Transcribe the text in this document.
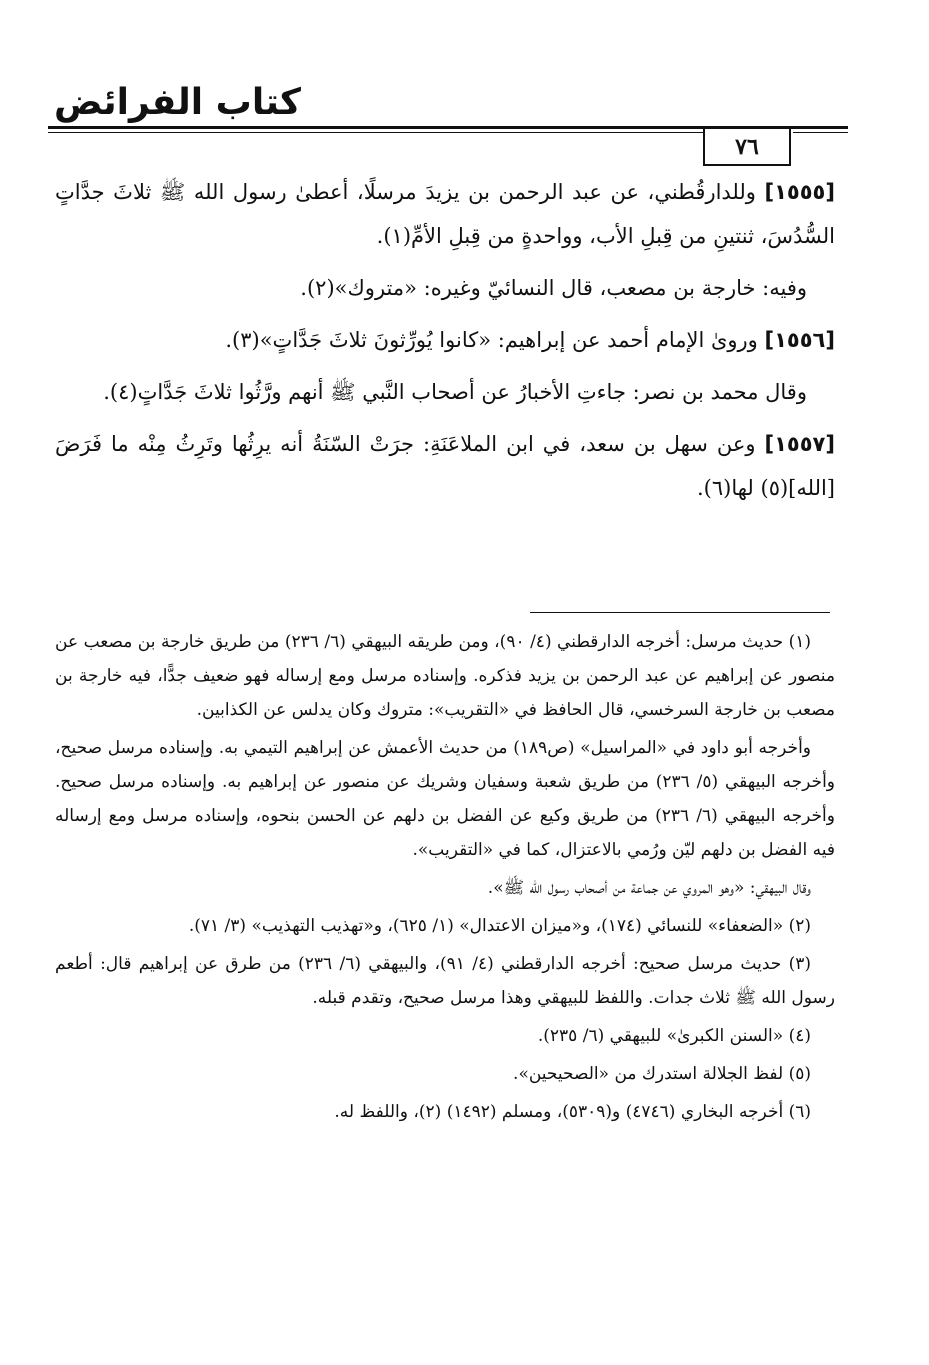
كتاب الفرائض
٧٦

[١٥٥٥] وللدارقُطني، عن عبد الرحمن بن يزيدَ مرسلًا، أعطىٰ رسول الله ﷺ ثلاثَ جدَّاتٍ السُّدُسَ، ثنتينِ من قِبلِ الأب، وواحدةٍ من قِبلِ الأمِّ(١).

وفيه: خارجة بن مصعب، قال النسائيّ وغيره: «متروك»(٢).

[١٥٥٦] ورویٰ الإمام أحمد عن إبراهيم: «كانوا يُورِّثونَ ثلاثَ جَدَّاتٍ»(٣).

وقال محمد بن نصر: جاءتِ الأخبارُ عن أصحاب النَّبي ﷺ أنهم ورَّثُوا ثلاثَ جَدَّاتٍ(٤).

[١٥٥٧] وعن سهل بن سعد، في ابن الملاعَنَةِ: جرَتْ السّنَةُ أنه يرِثُها وتَرِثُ مِنْه ما فَرَضَ [الله](٥) لها(٦).

(١) حديث مرسل: أخرجه الدارقطني (٤/ ٩٠)، ومن طريقه البيهقي (٦/ ٢٣٦) من طريق خارجة بن مصعب عن منصور عن إبراهيم عن عبد الرحمن بن يزيد فذكره. وإسناده مرسل ومع إرساله فهو ضعيف جدًّا، فيه خارجة بن مصعب بن خارجة السرخسي، قال الحافظ في «التقريب»: متروك وكان يدلس عن الكذابين.

وأخرجه أبو داود في «المراسيل» (ص١٨٩) من حديث الأعمش عن إبراهيم التيمي به. وإسناده مرسل صحيح، وأخرجه البيهقي (٥/ ٢٣٦) من طريق شعبة وسفيان وشريك عن منصور عن إبراهيم به. وإسناده مرسل صحيح. وأخرجه البيهقي (٦/ ٢٣٦) من طريق وكيع عن الفضل بن دلهم عن الحسن بنحوه، وإسناده مرسل ومع إرساله فيه الفضل بن دلهم ليّن ورُمي بالاعتزال، كما في «التقريب».

وقال البيهقي: «وهو المروي عن جماعة من أصحاب رسول الله ﷺ».

(٢) «الضعفاء» للنسائي (١٧٤)، و«ميزان الاعتدال» (١/ ٦٢٥)، و«تهذيب التهذيب» (٣/ ٧١).

(٣) حديث مرسل صحيح: أخرجه الدارقطني (٤/ ٩١)، والبيهقي (٦/ ٢٣٦) من طرق عن إبراهيم قال: أطعم رسول الله ﷺ ثلاث جدات. واللفظ للبيهقي وهذا مرسل صحيح، وتقدم قبله.

(٤) «السنن الكبرىٰ» للبيهقي (٦/ ٢٣٥).

(٥) لفظ الجلالة استدرك من «الصحيحين».

(٦) أخرجه البخاري (٤٧٤٦) و(٥٣٠٩)، ومسلم (١٤٩٢) (٢)، واللفظ له.
